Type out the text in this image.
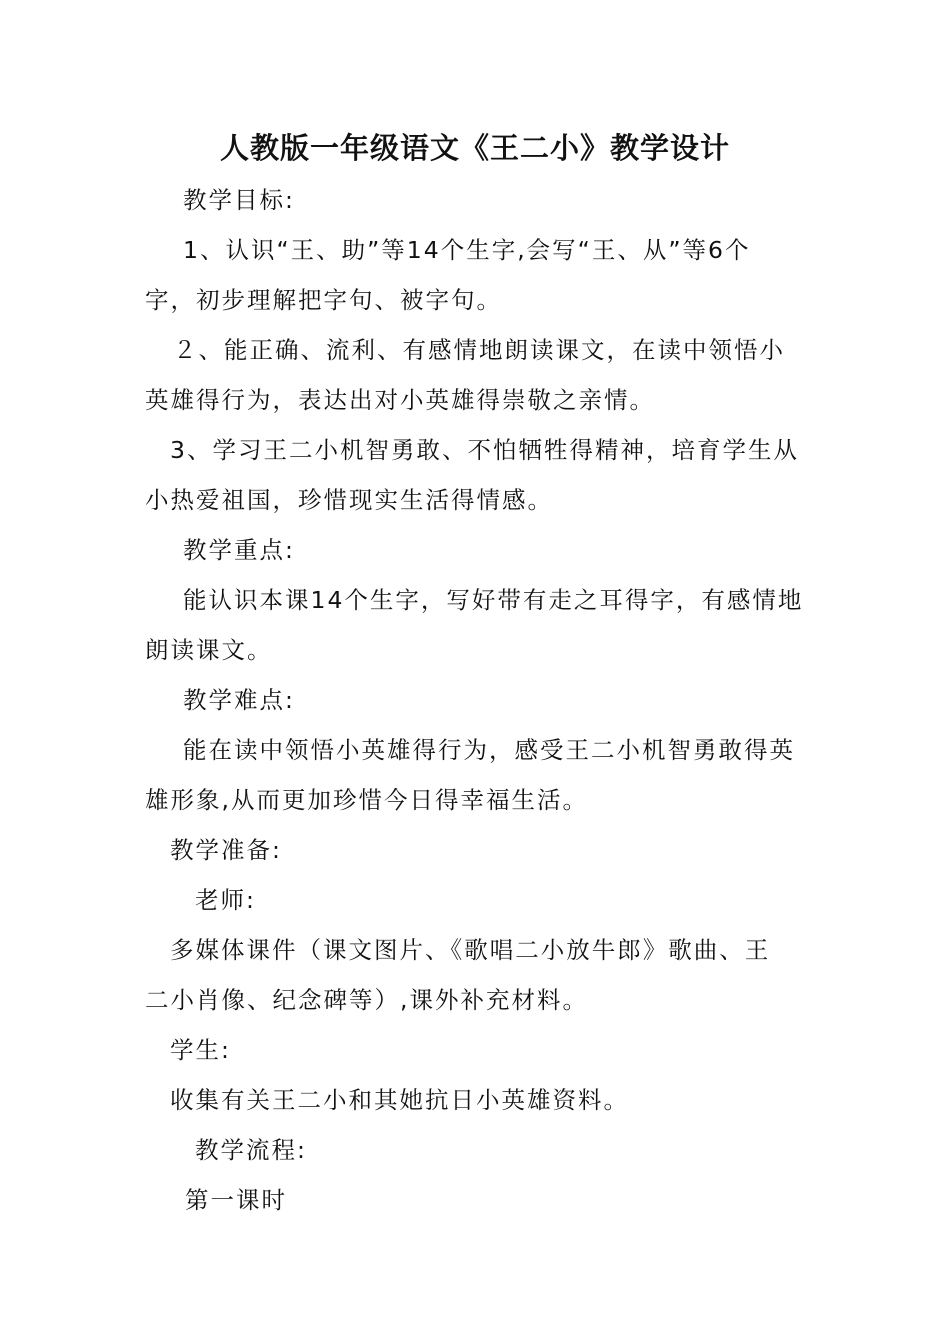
人教版一年级语文《王二小》教学设计
教学目标:
1、认识“王、助”等14个生字,会写“王、从”等6个
字，初步理解把字句、被字句。
２、能正确、流利、有感情地朗读课文，在读中领悟小
英雄得行为，表达出对小英雄得崇敬之亲情。
3、学习王二小机智勇敢、不怕牺牲得精神，培育学生从
小热爱祖国，珍惜现实生活得情感。
教学重点:
能认识本课14个生字，写好带有走之耳得字，有感情地
朗读课文。
教学难点:
能在读中领悟小英雄得行为，感受王二小机智勇敢得英
雄形象,从而更加珍惜今日得幸福生活。
教学准备:
老师:
多媒体课件（课文图片、《歌唱二小放牛郎》歌曲、王
二小肖像、纪念碑等）,课外补充材料。
学生:
收集有关王二小和其她抗日小英雄资料。
教学流程:
第一课时
